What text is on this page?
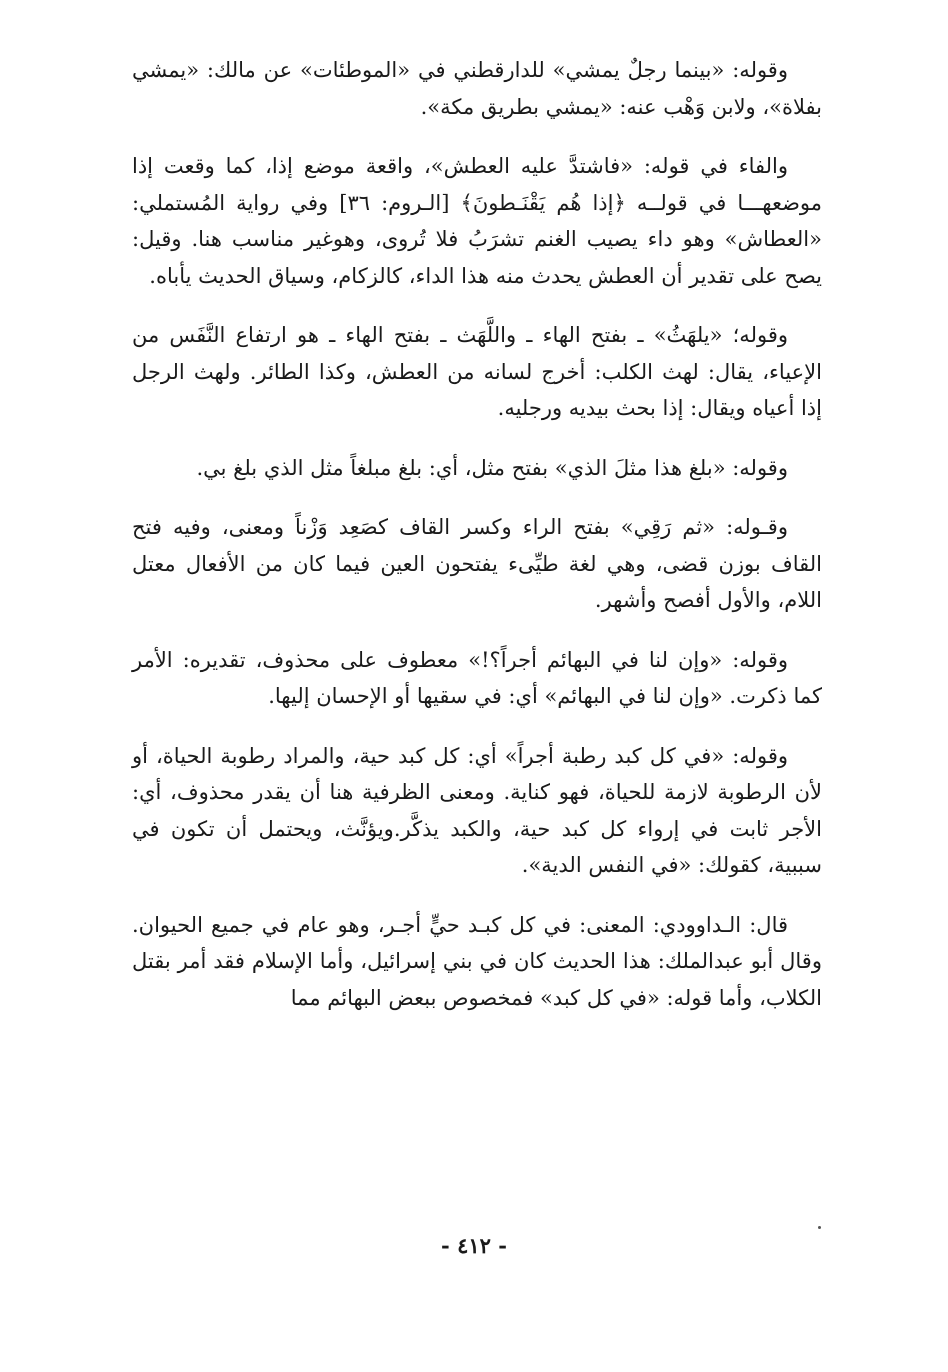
وقوله: «بينما رجلٌ يمشي» للدارقطني في «الموطئات» عن مالك: «يمشي بفلاة»، ولابن وَهْب عنه: «يمشي بطريق مكة».

والفاء في قوله: «فاشتدَّ عليه العطش»، واقعة موضع إذا، كما وقعت إذا موضعهـــا في قولــه ﴿إذا هُم يَقْنَـطونَ﴾ [الـروم: ٣٦] وفي رواية المُستملي: «العطاش» وهو داء يصيب الغنم تشرَبُ فلا تُروى، وهوغير مناسب هنا. وقيل: يصح على تقدير أن العطش يحدث منه هذا الداء، كالزكام، وسياق الحديث يأباه.

وقوله؛ «يلهَثُ» ـ بفتح الهاء ـ واللَّهَث ـ بفتح الهاء ـ هو ارتفاع النَّفَس من الإعياء، يقال: لهث الكلب: أخرج لسانه من العطش، وكذا الطائر. ولهث الرجل إذا أعياه ويقال: إذا بحث بيديه ورجليه.

وقوله: «بلغ هذا مثلَ الذي» بفتح مثل، أي: بلغ مبلغاً مثل الذي بلغ بي.

وقـوله: «ثم رَقِي» بفتح الراء وكسر القاف كصَعِد وَزْناً ومعنى، وفيه فتح القاف بوزن قضى، وهي لغة طيِّىء يفتحون العين فيما كان من الأفعال معتل اللام، والأول أفصح وأشهر.

وقوله: «وإن لنا في البهائم أجراً؟!» معطوف على محذوف، تقديره: الأمر كما ذكرت. «وإن لنا في البهائم» أي: في سقيها أو الإحسان إليها.

وقوله: «في كل كبد رطبة أجراً» أي: كل كبد حية، والمراد رطوبة الحياة، أو لأن الرطوبة لازمة للحياة، فهو كناية. ومعنى الظرفية هنا أن يقدر محذوف، أي: الأجر ثابت في إرواء كل كبد حية، والكبد يذكَّر.ويؤنَّث، ويحتمل أن تكون في سببية، كقولك: «في النفس الدية».

قال: الـداوودي: المعنى: في كل كبـد حيٍّ أجـر، وهو عام في جميع الحيوان. وقال أبو عبدالملك: هذا الحديث كان في بني إسرائيل، وأما الإسلام فقد أمر بقتل الكلاب، وأما قوله: «في كل كبد» فمخصوص ببعض البهائم مما

- ٤١٢ -
